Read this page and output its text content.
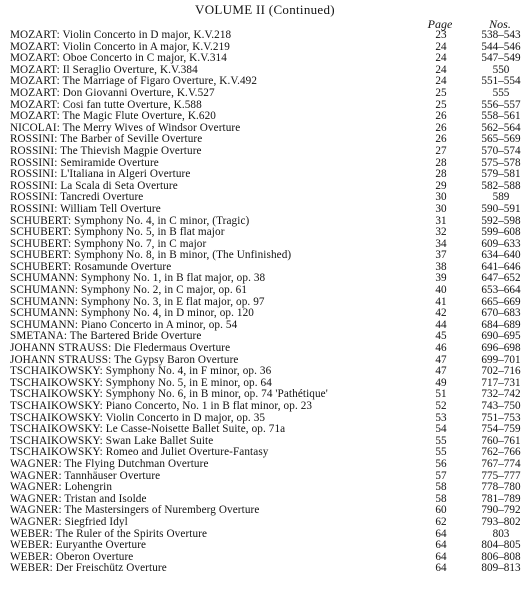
VOLUME II (Continued)
Page	Nos.
MOZART: Violin Concerto in D major, K.V.218	23	538–543
MOZART: Violin Concerto in A major, K.V.219	24	544–546
MOZART: Oboe Concerto in C major, K.V.314	24	547–549
MOZART: Il Seraglio Overture, K.V.384	24	550
MOZART: The Marriage of Figaro Overture, K.V.492	24	551–554
MOZART: Don Giovanni Overture, K.V.527	25	555
MOZART: Cosi fan tutte Overture, K.588	25	556–557
MOZART: The Magic Flute Overture, K.620	26	558–561
NICOLAI: The Merry Wives of Windsor Overture	26	562–564
ROSSINI: The Barber of Seville Overture	26	565–569
ROSSINI: The Thievish Magpie Overture	27	570–574
ROSSINI: Semiramide Overture	28	575–578
ROSSINI: L'Italiana in Algeri Overture	28	579–581
ROSSINI: La Scala di Seta Overture	29	582–588
ROSSINI: Tancredi Overture	30	589
ROSSINI: William Tell Overture	30	590–591
SCHUBERT: Symphony No. 4, in C minor, (Tragic)	31	592–598
SCHUBERT: Symphony No. 5, in B flat major	32	599–608
SCHUBERT: Symphony No. 7, in C major	34	609–633
SCHUBERT: Symphony No. 8, in B minor, (The Unfinished)	37	634–640
SCHUBERT: Rosamunde Overture	38	641–646
SCHUMANN: Symphony No. 1, in B flat major, op. 38	39	647–652
SCHUMANN: Symphony No. 2, in C major, op. 61	40	653–664
SCHUMANN: Symphony No. 3, in E flat major, op. 97	41	665–669
SCHUMANN: Symphony No. 4, in D minor, op. 120	42	670–683
SCHUMANN: Piano Concerto in A minor, op. 54	44	684–689
SMETANA: The Bartered Bride Overture	45	690–695
JOHANN STRAUSS: Die Fledermaus Overture	46	696–698
JOHANN STRAUSS: The Gypsy Baron Overture	47	699–701
TSCHAIKOWSKY: Symphony No. 4, in F minor, op. 36	47	702–716
TSCHAIKOWSKY: Symphony No. 5, in E minor, op. 64	49	717–731
TSCHAIKOWSKY: Symphony No. 6, in B minor, op. 74 'Pathétique'	51	732–742
TSCHAIKOWSKY: Piano Concerto, No. 1 in B flat minor, op. 23	52	743–750
TSCHAIKOWSKY: Violin Concerto in D major, op. 35	53	751–753
TSCHAIKOWSKY: Le Casse-Noisette Ballet Suite, op. 71a	54	754–759
TSCHAIKOWSKY: Swan Lake Ballet Suite	55	760–761
TSCHAIKOWSKY: Romeo and Juliet Overture-Fantasy	55	762–766
WAGNER: The Flying Dutchman Overture	56	767–774
WAGNER: Tannhäuser Overture	57	775–777
WAGNER: Lohengrin	58	778–780
WAGNER: Tristan and Isolde	58	781–789
WAGNER: The Mastersingers of Nuremberg Overture	60	790–792
WAGNER: Siegfried Idyl	62	793–802
WEBER: The Ruler of the Spirits Overture	64	803
WEBER: Euryanthe Overture	64	804–805
WEBER: Oberon Overture	64	806–808
WEBER: Der Freischütz Overture	64	809–813
